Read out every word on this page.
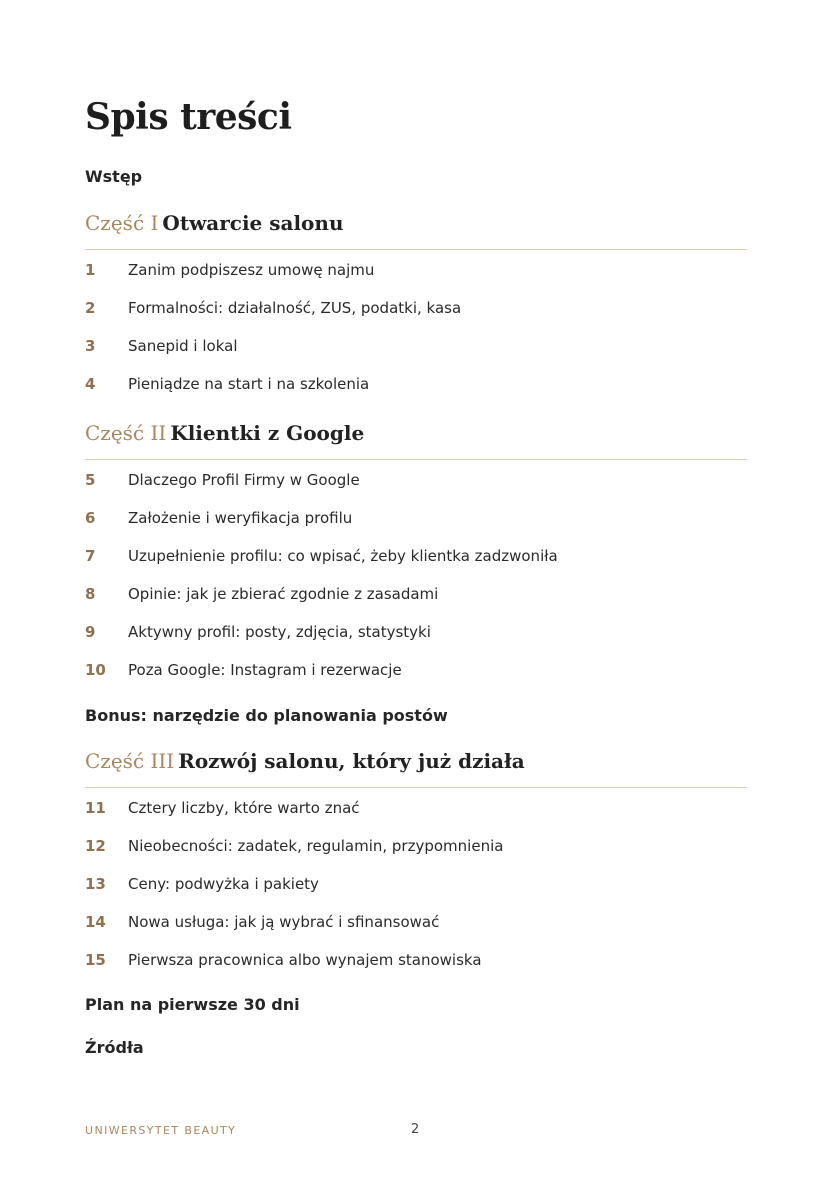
Spis treści
Wstęp
Część I Otwarcie salonu
1 Zanim podpiszesz umowę najmu
2 Formalności: działalność, ZUS, podatki, kasa
3 Sanepid i lokal
4 Pieniądze na start i na szkolenia
Część II Klientki z Google
5 Dlaczego Profil Firmy w Google
6 Założenie i weryfikacja profilu
7 Uzupełnienie profilu: co wpisać, żeby klientka zadzwoniła
8 Opinie: jak je zbierać zgodnie z zasadami
9 Aktywny profil: posty, zdjęcia, statystyki
10 Poza Google: Instagram i rezerwacje
Bonus: narzędzie do planowania postów
Część III Rozwój salonu, który już działa
11 Cztery liczby, które warto znać
12 Nieobecności: zadatek, regulamin, przypomnienia
13 Ceny: podwyżka i pakiety
14 Nowa usługa: jak ją wybrać i sfinansować
15 Pierwsza pracownica albo wynajem stanowiska
Plan na pierwsze 30 dni
Źródła
UNIWERSYTET BEAUTY	2
